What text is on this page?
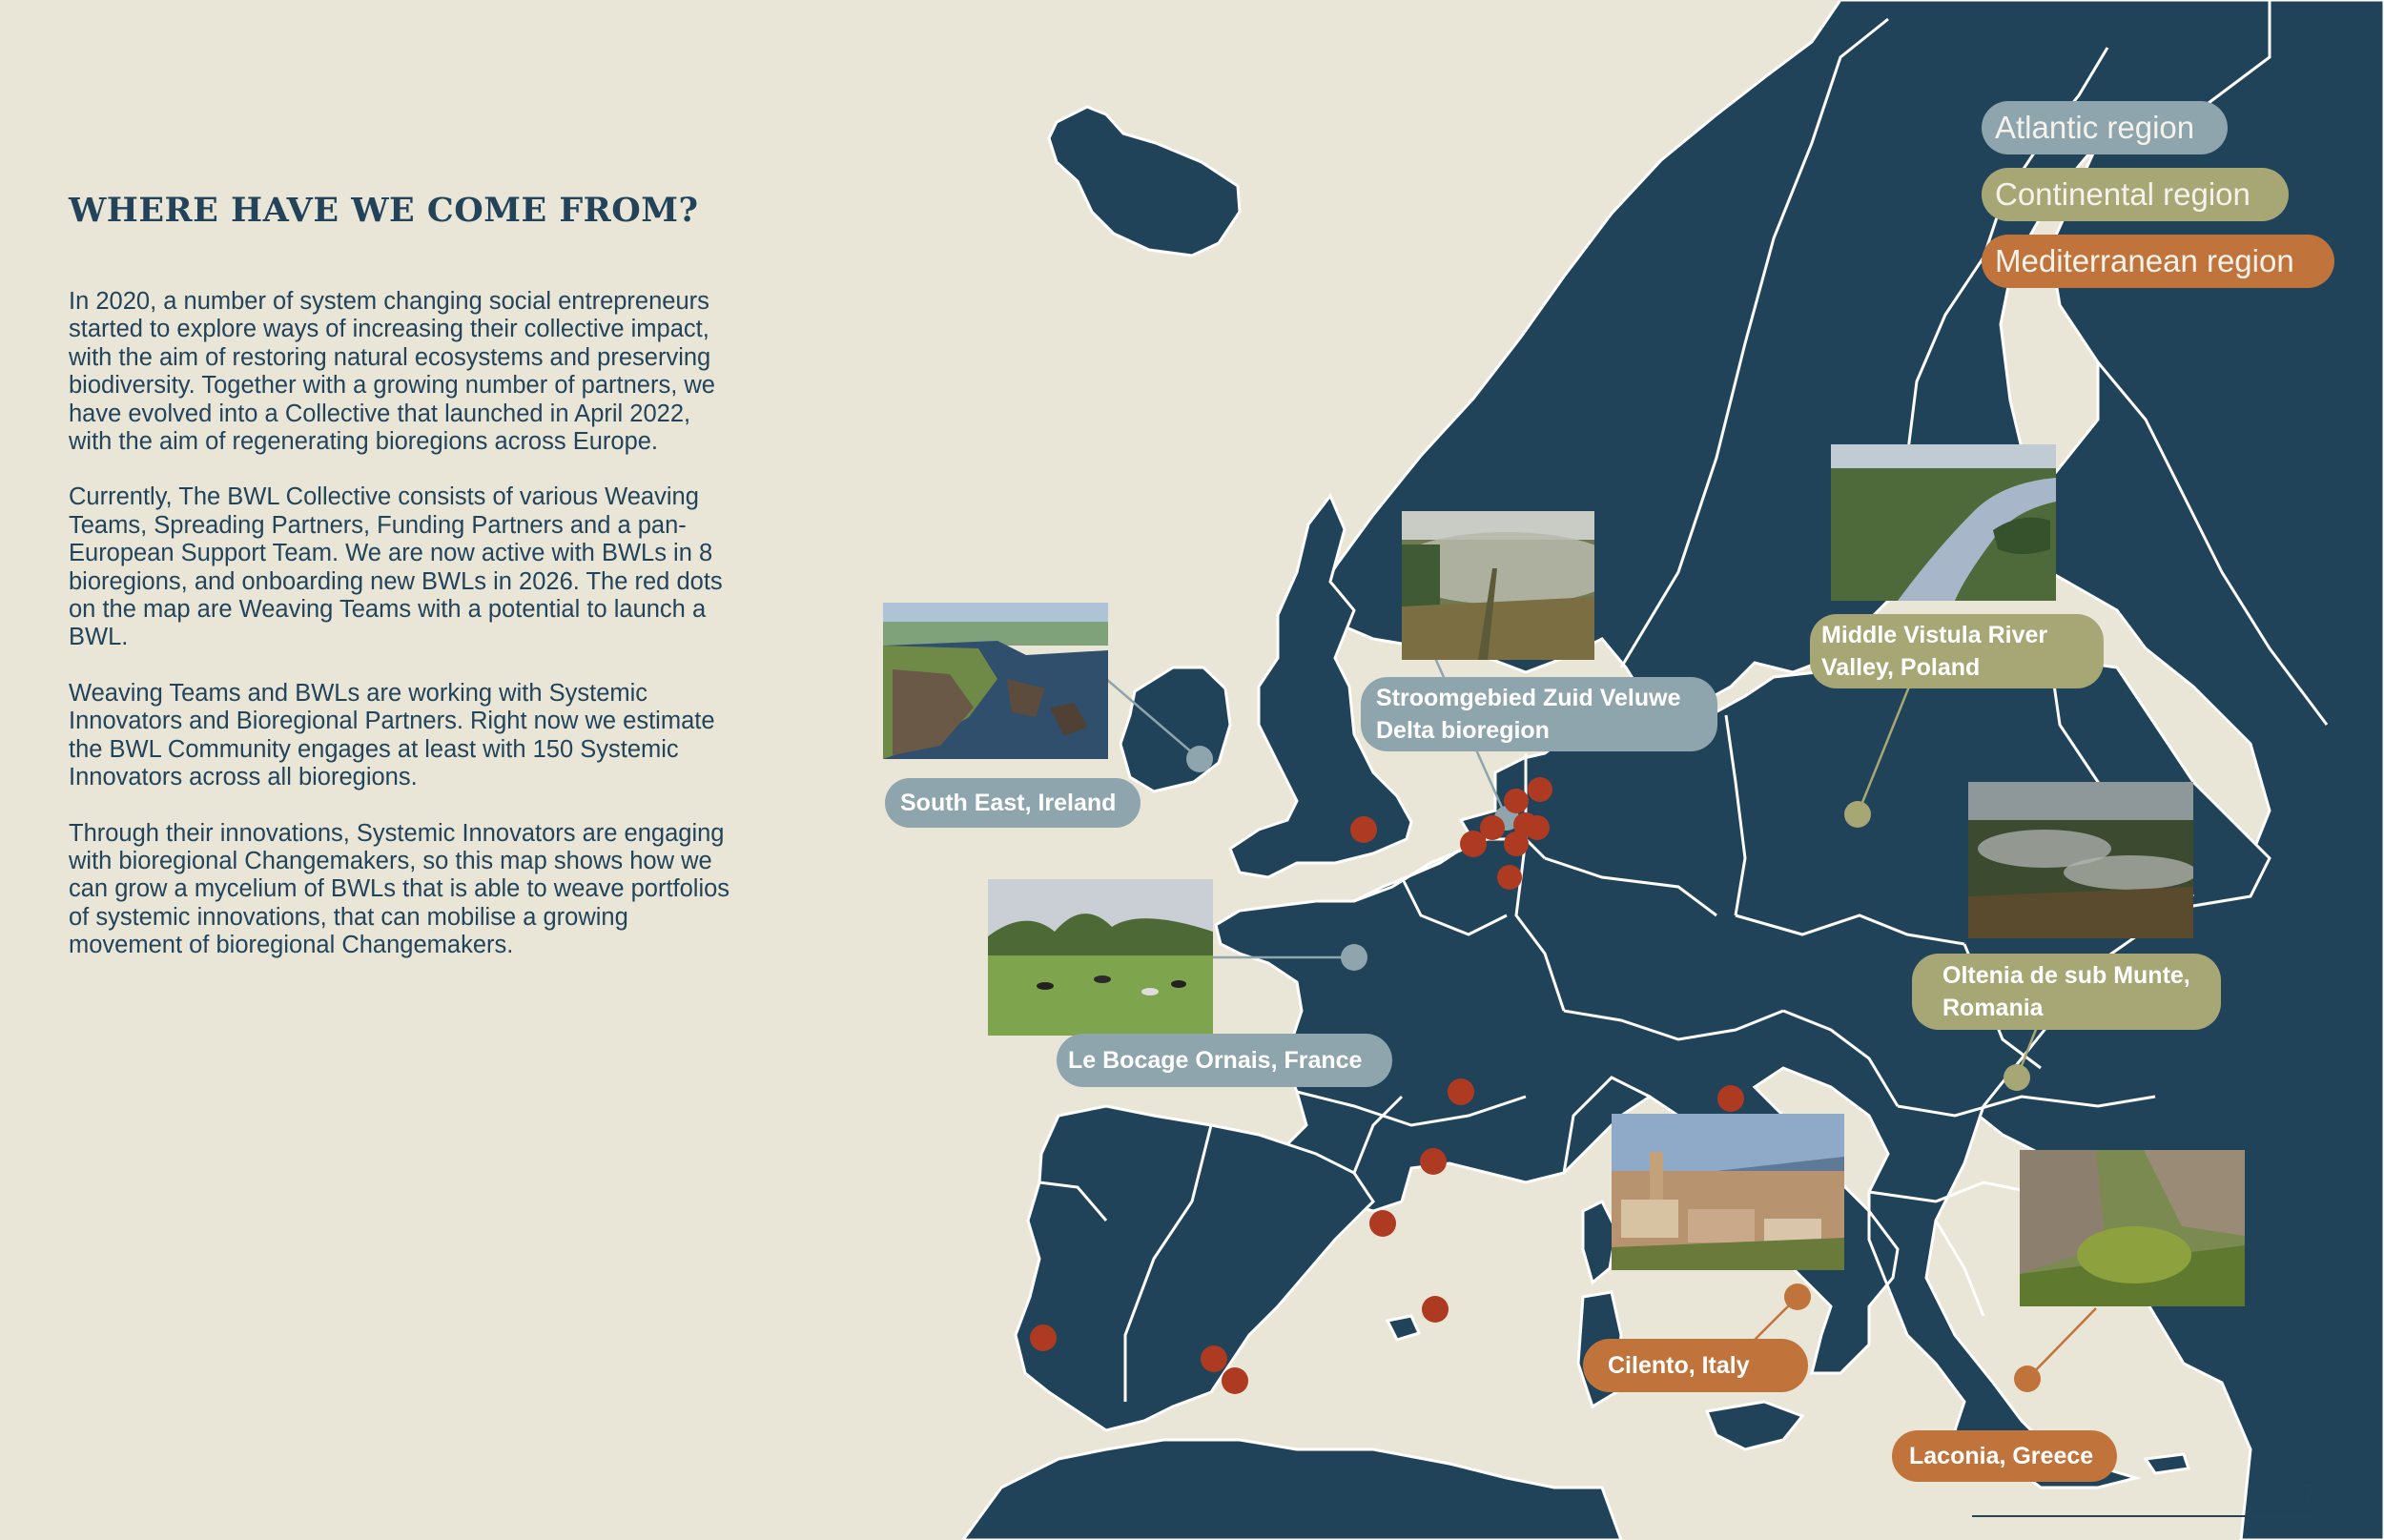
WHERE HAVE WE COME FROM?

In 2020, a number of system changing social entrepreneurs started to explore ways of increasing their collective impact, with the aim of restoring natural ecosystems and preserving biodiversity. Together with a growing number of partners, we have evolved into a Collective that launched in April 2022, with the aim of regenerating bioregions across Europe.

Currently, The BWL Collective consists of various Weaving Teams, Spreading Partners, Funding Partners and a pan-European Support Team. We are now active with BWLs in 8 bioregions, and onboarding new BWLs in 2026. The red dots on the map are Weaving Teams with a potential to launch a BWL.

Weaving Teams and BWLs are working with Systemic Innovators and Bioregional Partners. Right now we estimate the BWL Community engages at least with 150 Systemic Innovators across all bioregions.

Through their innovations, Systemic Innovators are engaging with bioregional Changemakers, so this map shows how we can grow a mycelium of BWLs that is able to weave portfolios of systemic innovations, that can mobilise a growing movement of bioregional Changemakers.

Atlantic region
Continental region
Mediterranean region
South East, Ireland
Stroomgebied Zuid Veluwe Delta bioregion
Le Bocage Ornais, France
Middle Vistula River Valley, Poland
Oltenia de sub Munte, Romania
Cilento, Italy
Laconia, Greece
7
